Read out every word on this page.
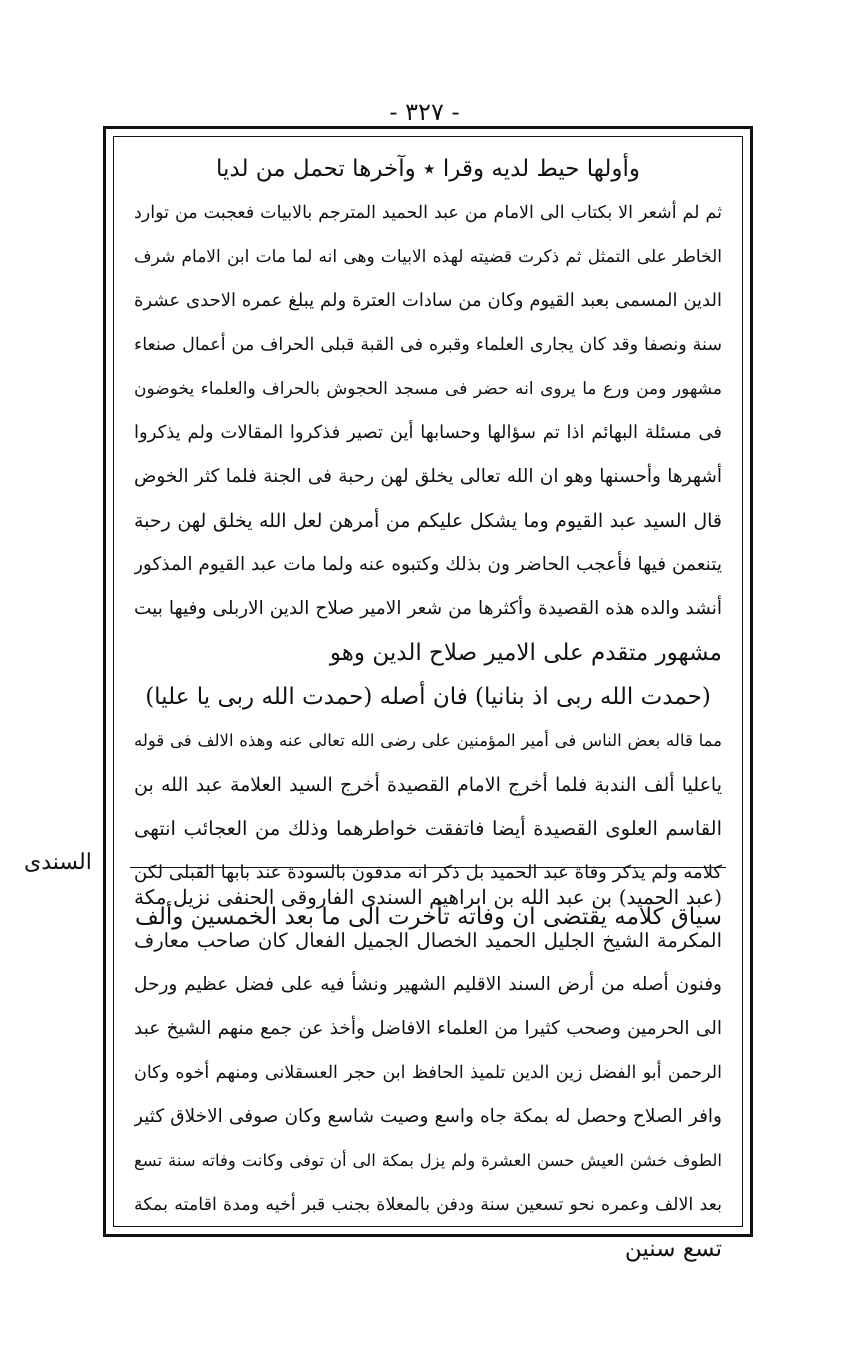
- ٣٢٧ -
السندى
وأولها حيط لديه وقرا ٭ وآخرها تحمل من لديا
ثم لم أشعر الا بكتاب الى الامام من عبد الحميد المترجم بالابيات فعجبت من توارد
الخاطر على التمثل ثم ذكرت قضيته لهذه الابيات وهى انه لما مات ابن الامام شرف
الدين المسمى بعبد القيوم وكان من سادات العترة ولم يبلغ عمره الاحدى عشرة
سنة ونصفا وقد كان يجارى العلماء وقبره فى القبة قبلى الحراف من أعمال صنعاء
مشهور ومن ورع ما يروى انه حضر فى مسجد الحجوش بالحراف والعلماء يخوضون
فى مسئلة البهائم اذا تم سؤالها وحسابها أين تصير فذكروا المقالات ولم يذكروا
أشهرها وأحسنها وهو ان الله تعالى يخلق لهن رحبة فى الجنة فلما كثر الخوض
قال السيد عبد القيوم وما يشكل عليكم من أمرهن لعل الله يخلق لهن رحبة
يتنعمن فيها فأعجب الحاضر ون بذلك وكتبوه عنه ولما مات عبد القيوم المذكور
أنشد والده هذه القصيدة وأكثرها من شعر الامير صلاح الدين الاربلى وفيها بيت
مشهور متقدم على الامير صلاح الدين وهو
(حمدت الله ربى اذ بنانيا) فان أصله (حمدت الله ربى يا عليا)
مما قاله بعض الناس فى أمير المؤمنين على رضى الله تعالى عنه وهذه الالف فى قوله
ياعليا ألف الندبة فلما أخرج الامام القصيدة أخرج السيد العلامة عبد الله بن
القاسم العلوى القصيدة أيضا فاتفقت خواطرهما وذلك من العجائب انتهى
كلامه ولم يذكر وفاة عبد الحميد بل ذكر انه مدفون بالسودة عند بابها القبلى لكن
سياق كلامه يقتضى ان وفاته تأخرت الى ما بعد الخمسين وألف
(عبد الحميد) بن عبد الله بن ابراهيم السندى الفاروقى الحنفى نزيل مكة
المكرمة الشيخ الجليل الحميد الخصال الجميل الفعال كان صاحب معارف
وفنون أصله من أرض السند الاقليم الشهير ونشأ فيه على فضل عظيم ورحل
الى الحرمين وصحب كثيرا من العلماء الافاضل وأخذ عن جمع منهم الشيخ عبد
الرحمن أبو الفضل زين الدين تلميذ الحافظ ابن حجر العسقلانى ومنهم أخوه وكان
وافر الصلاح وحصل له بمكة جاه واسع وصيت شاسع وكان صوفى الاخلاق كثير
الطوف خشن العيش حسن العشرة ولم يزل بمكة الى أن توفى وكانت وفاته سنة تسع
بعد الالف وعمره نحو تسعين سنة ودفن بالمعلاة بجنب قبر أخيه ومدة اقامته بمكة
تسع سنين
